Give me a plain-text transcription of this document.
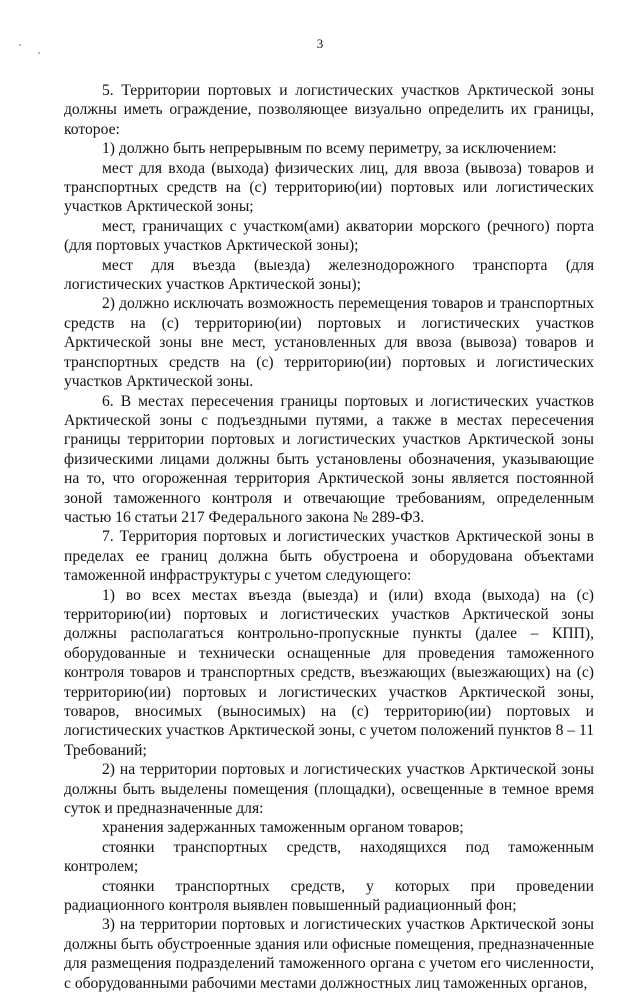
3

5. Территории портовых и логистических участков Арктической зоны должны иметь ограждение, позволяющее визуально определить их границы, которое:

1) должно быть непрерывным по всему периметру, за исключением:

мест для входа (выхода) физических лиц, для ввоза (вывоза) товаров и транспортных средств на (с) территорию(ии) портовых или логистических участков Арктической зоны;

мест, граничащих с участком(ами) акватории морского (речного) порта (для портовых участков Арктической зоны);

мест для въезда (выезда) железнодорожного транспорта (для логистических участков Арктической зоны);

2) должно исключать возможность перемещения товаров и транспортных средств на (с) территорию(ии) портовых и логистических участков Арктической зоны вне мест, установленных для ввоза (вывоза) товаров и транспортных средств на (с) территорию(ии) портовых и логистических участков Арктической зоны.

6. В местах пересечения границы портовых и логистических участков Арктической зоны с подъездными путями, а также в местах пересечения границы территории портовых и логистических участков Арктической зоны физическими лицами должны быть установлены обозначения, указывающие на то, что огороженная территория Арктической зоны является постоянной зоной таможенного контроля и отвечающие требованиям, определенным частью 16 статьи 217 Федерального закона № 289-ФЗ.

7. Территория портовых и логистических участков Арктической зоны в пределах ее границ должна быть обустроена и оборудована объектами таможенной инфраструктуры с учетом следующего:

1) во всех местах въезда (выезда) и (или) входа (выхода) на (с) территорию(ии) портовых и логистических участков Арктической зоны должны располагаться контрольно-пропускные пункты (далее – КПП), оборудованные и технически оснащенные для проведения таможенного контроля товаров и транспортных средств, въезжающих (выезжающих) на (с) территорию(ии) портовых и логистических участков Арктической зоны, товаров, вносимых (выносимых) на (с) территорию(ии) портовых и логистических участков Арктической зоны, с учетом положений пунктов 8 – 11 Требований;

2) на территории портовых и логистических участков Арктической зоны должны быть выделены помещения (площадки), освещенные в темное время суток и предназначенные для:

хранения задержанных таможенным органом товаров;

стоянки транспортных средств, находящихся под таможенным контролем;

стоянки транспортных средств, у которых при проведении радиационного контроля выявлен повышенный радиационный фон;

3) на территории портовых и логистических участков Арктической зоны должны быть обустроенные здания или офисные помещения, предназначенные для размещения подразделений таможенного органа с учетом его численности, с оборудованными рабочими местами должностных лиц таможенных органов,
